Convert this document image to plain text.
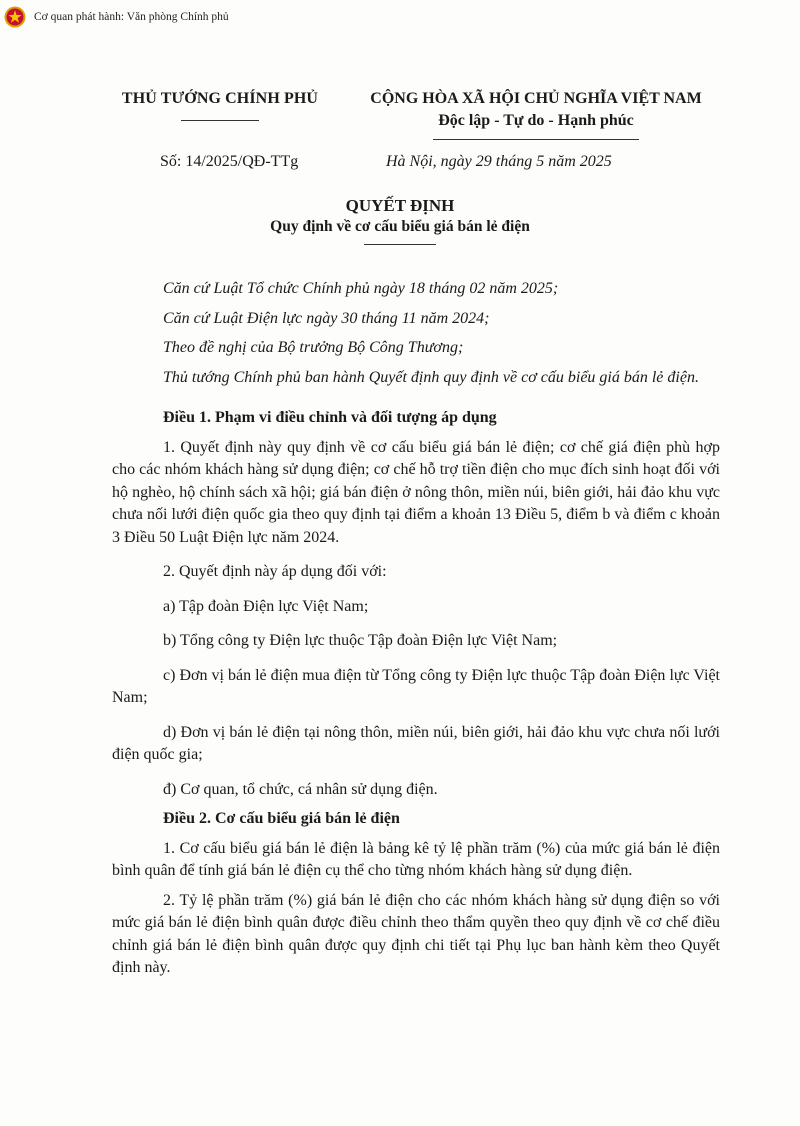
Cơ quan phát hành: Văn phòng Chính phủ
THỦ TƯỚNG CHÍNH PHỦ	CỘNG HÒA XÃ HỘI CHỦ NGHĨA VIỆT NAM
Độc lập - Tự do - Hạnh phúc
Số: 14/2025/QĐ-TTg	Hà Nội, ngày 29 tháng 5 năm 2025
QUYẾT ĐỊNH
Quy định về cơ cấu biểu giá bán lẻ điện

Căn cứ Luật Tổ chức Chính phủ ngày 18 tháng 02 năm 2025;

Căn cứ Luật Điện lực ngày 30 tháng 11 năm 2024;

Theo đề nghị của Bộ trưởng Bộ Công Thương;

Thủ tướng Chính phủ ban hành Quyết định quy định về cơ cấu biểu giá bán lẻ điện.

Điều 1. Phạm vi điều chỉnh và đối tượng áp dụng

1. Quyết định này quy định về cơ cấu biểu giá bán lẻ điện; cơ chế giá điện phù hợp cho các nhóm khách hàng sử dụng điện; cơ chế hỗ trợ tiền điện cho mục đích sinh hoạt đối với hộ nghèo, hộ chính sách xã hội; giá bán điện ở nông thôn, miền núi, biên giới, hải đảo khu vực chưa nối lưới điện quốc gia theo quy định tại điểm a khoản 13 Điều 5, điểm b và điểm c khoản 3 Điều 50 Luật Điện lực năm 2024.

2. Quyết định này áp dụng đối với:

a) Tập đoàn Điện lực Việt Nam;

b) Tổng công ty Điện lực thuộc Tập đoàn Điện lực Việt Nam;

c) Đơn vị bán lẻ điện mua điện từ Tổng công ty Điện lực thuộc Tập đoàn Điện lực Việt Nam;

d) Đơn vị bán lẻ điện tại nông thôn, miền núi, biên giới, hải đảo khu vực chưa nối lưới điện quốc gia;

đ) Cơ quan, tổ chức, cá nhân sử dụng điện.

Điều 2. Cơ cấu biểu giá bán lẻ điện

1. Cơ cấu biểu giá bán lẻ điện là bảng kê tỷ lệ phần trăm (%) của mức giá bán lẻ điện bình quân để tính giá bán lẻ điện cụ thể cho từng nhóm khách hàng sử dụng điện.

2. Tỷ lệ phần trăm (%) giá bán lẻ điện cho các nhóm khách hàng sử dụng điện so với mức giá bán lẻ điện bình quân được điều chỉnh theo thẩm quyền theo quy định về cơ chế điều chỉnh giá bán lẻ điện bình quân được quy định chi tiết tại Phụ lục ban hành kèm theo Quyết định này.
